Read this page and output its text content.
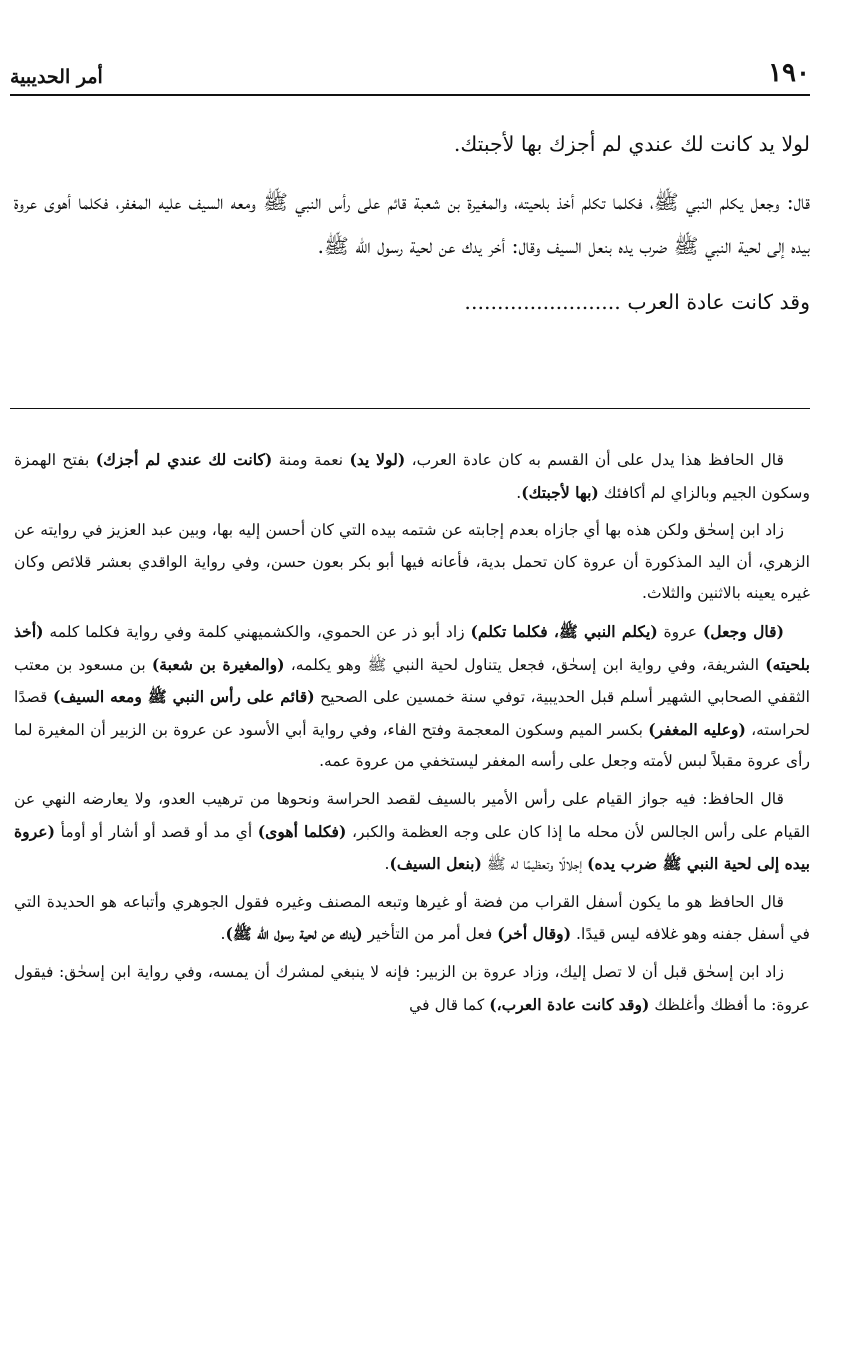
١٩٠
أمر الحديبية

لولا يد كانت لك عندي لم أجزك بها لأجبتك.

قال: وجعل يكلم النبي ﷺ، فكلما تكلم أخذ بلحيته، والمغيرة بن شعبة قائم على رأس النبي ﷺ ومعه السيف عليه المغفر، فكلما أهوى عروة بيده إلى لحية النبي ﷺ ضرب يده بنعل السيف وقال: أخر يدك عن لحية رسول الله ﷺ.

وقد كانت عادة العرب ........................

قال الحافظ هذا يدل على أن القسم به كان عادة العرب، (لولا يد) نعمة ومنة (كانت لك عندي لم أجزك) بفتح الهمزة وسكون الجيم وبالزاي لم أكافئك (بها لأجبتك).

زاد ابن إسحٰق ولكن هذه بها أي جازاه بعدم إجابته عن شتمه بيده التي كان أحسن إليه بها، وبين عبد العزيز في روايته عن الزهري، أن اليد المذكورة أن عروة كان تحمل بدية، فأعانه فيها أبو بكر بعون حسن، وفي رواية الواقدي بعشر قلائص وكان غيره يعينه بالاثنين والثلاث.

(قال وجعل) عروة (يكلم النبي ﷺ، فكلما تكلم) زاد أبو ذر عن الحموي، والكشميهني كلمة وفي رواية فكلما كلمه (أخذ بلحيته) الشريفة، وفي رواية ابن إسحٰق، فجعل يتناول لحية النبي ﷺ وهو يكلمه، (والمغيرة بن شعبة) بن مسعود بن معتب الثقفي الصحابي الشهير أسلم قبل الحديبية، توفي سنة خمسين على الصحيح (قائم على رأس النبي ﷺ ومعه السيف) قصدًا لحراسته، (وعليه المغفر) بكسر الميم وسكون المعجمة وفتح الفاء، وفي رواية أبي الأسود عن عروة بن الزبير أن المغيرة لما رأى عروة مقبلاً لبس لأمته وجعل على رأسه المغفر ليستخفي من عروة عمه.

قال الحافظ: فيه جواز القيام على رأس الأمير بالسيف لقصد الحراسة ونحوها من ترهيب العدو، ولا يعارضه النهي عن القيام على رأس الجالس لأن محله ما إذا كان على وجه العظمة والكبر، (فكلما أهوى) أي مد أو قصد أو أشار أو أومأ (عروة بيده إلى لحية النبي ﷺ ضرب يده) إجلالًا وتعظيمًا له ﷺ (بنعل السيف).

قال الحافظ هو ما يكون أسفل القراب من فضة أو غيرها وتبعه المصنف وغيره فقول الجوهري وأتباعه هو الحديدة التي في أسفل جفنه وهو غلافه ليس قيدًا. (وقال أخر) فعل أمر من التأخير (يدك عن لحية رسول الله ﷺ).

زاد ابن إسحٰق قبل أن لا تصل إليك، وزاد عروة بن الزبير: فإنه لا ينبغي لمشرك أن يمسه، وفي رواية ابن إسحٰق: فيقول عروة: ما أفظك وأغلظك (وقد كانت عادة العرب،) كما قال في
